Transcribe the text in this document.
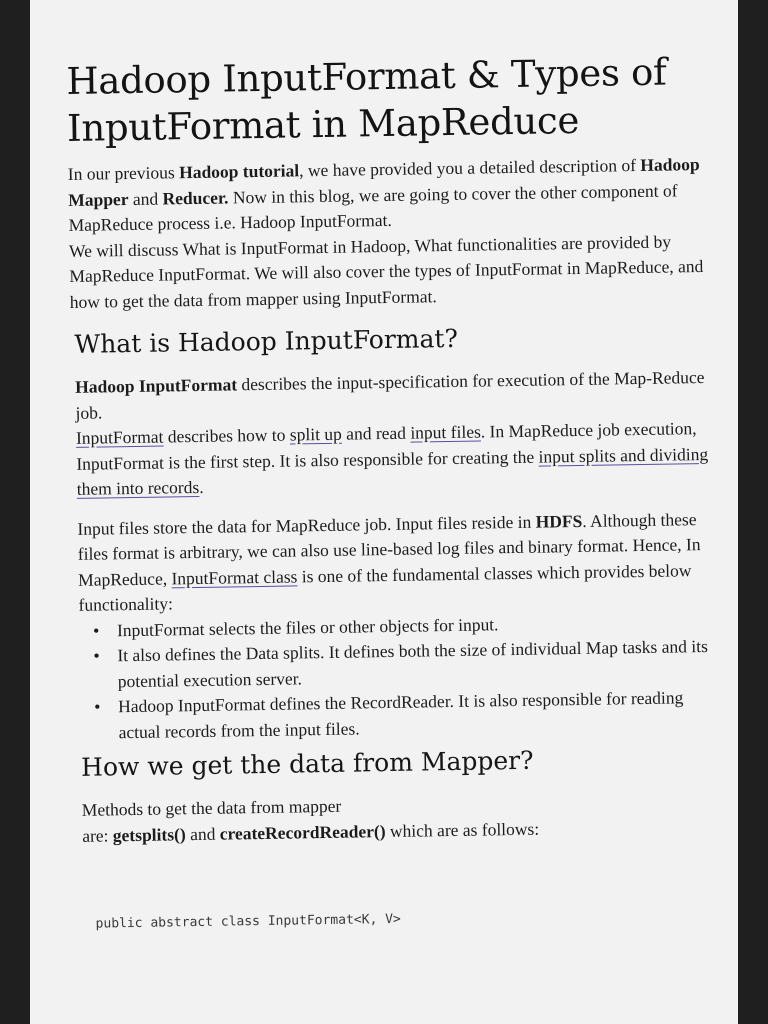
Hadoop InputFormat & Types of InputFormat in MapReduce

In our previous Hadoop tutorial, we have provided you a detailed description of Hadoop Mapper and Reducer. Now in this blog, we are going to cover the other component of MapReduce process i.e. Hadoop InputFormat.

We will discuss What is InputFormat in Hadoop, What functionalities are provided by MapReduce InputFormat. We will also cover the types of InputFormat in MapReduce, and how to get the data from mapper using InputFormat.

What is Hadoop InputFormat?

Hadoop InputFormat describes the input-specification for execution of the Map-Reduce job.

InputFormat describes how to split up and read input files. In MapReduce job execution, InputFormat is the first step. It is also responsible for creating the input splits and dividing them into records.

Input files store the data for MapReduce job. Input files reside in HDFS. Although these files format is arbitrary, we can also use line-based log files and binary format. Hence, In MapReduce, InputFormat class is one of the fundamental classes which provides below functionality:

• InputFormat selects the files or other objects for input.
• It also defines the Data splits. It defines both the size of individual Map tasks and its potential execution server.
• Hadoop InputFormat defines the RecordReader. It is also responsible for reading actual records from the input files.
How we get the data from Mapper?

Methods to get the data from mapper

are: getsplits() and createRecordReader() which are as follows:

public abstract class InputFormat<K, V>
